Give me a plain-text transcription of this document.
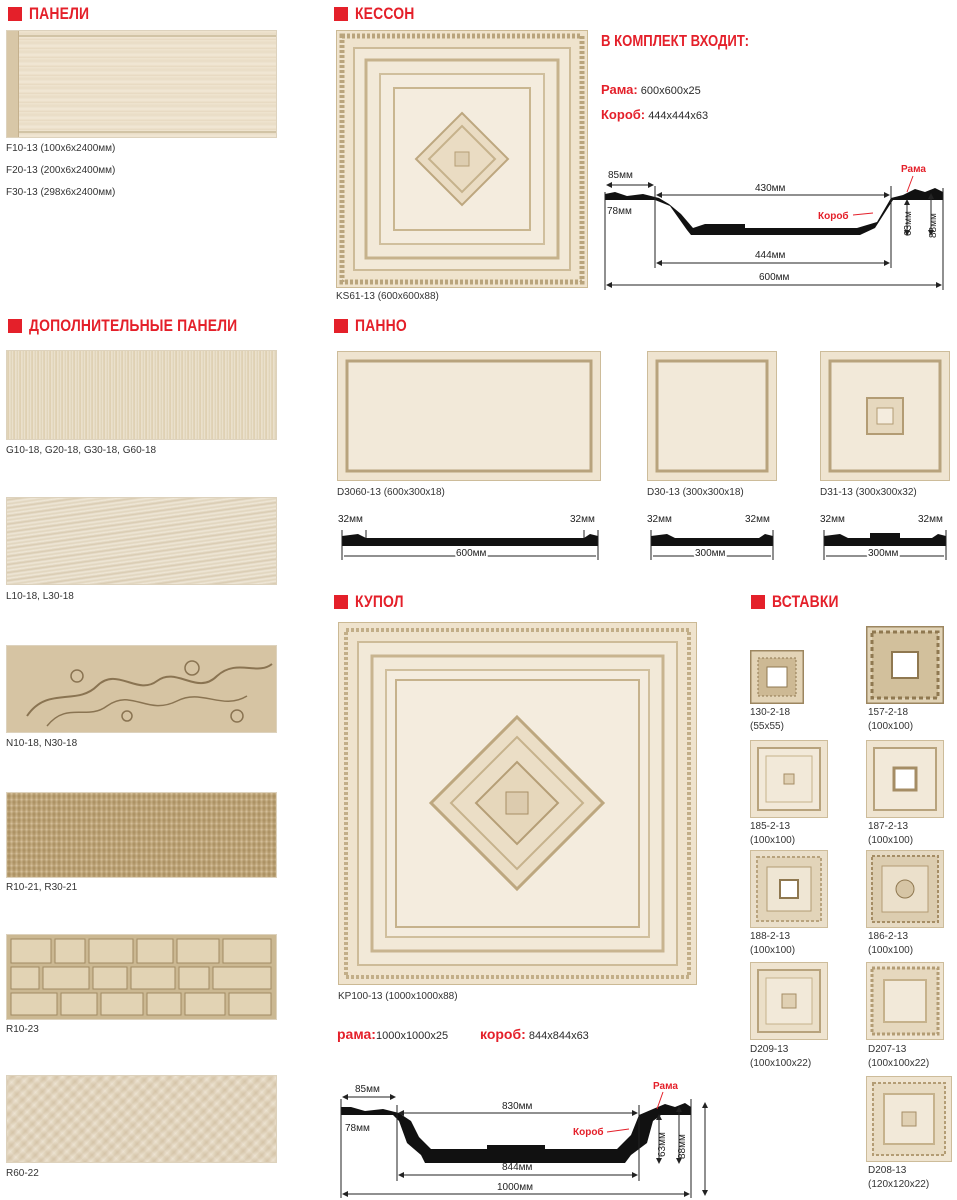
ПАНЕЛИ
F10-13 (100х6х2400мм)
F20-13 (200х6х2400мм)
F30-13 (298х6х2400мм)
КЕССОН
KS61-13 (600x600x88)
В КОМПЛЕКТ ВХОДИТ:
Рама: 600x600x25
Короб: 444x444x63
85мм
430мм
78мм
444мм
600мм
63мм 88мм
Рама
Короб
ДОПОЛНИТЕЛЬНЫЕ ПАНЕЛИ
G10-18, G20-18, G30-18, G60-18
L10-18, L30-18
N10-18, N30-18
R10-21, R30-21
R10-23
R60-22
ПАННО
D3060-13 (600x300x18)
32мм	32мм
600мм
D30-13 (300x300x18)
32мм	32мм
300мм
D31-13 (300x300x32)
32мм	32мм
300мм
КУПОЛ
KP100-13 (1000x1000x88)
рама:1000x1000x25 короб: 844x844x63
85мм
830мм
78мм
844мм
1000мм
63мм 88мм
Рама
Короб
ВСТАВКИ
130-2-18
(55x55)
157-2-18
(100x100)
185-2-13
(100x100)
187-2-13
(100x100)
188-2-13
(100x100)
186-2-13
(100x100)
D209-13
(100x100x22)
D207-13
(100x100x22)
D208-13
(120x120x22)
